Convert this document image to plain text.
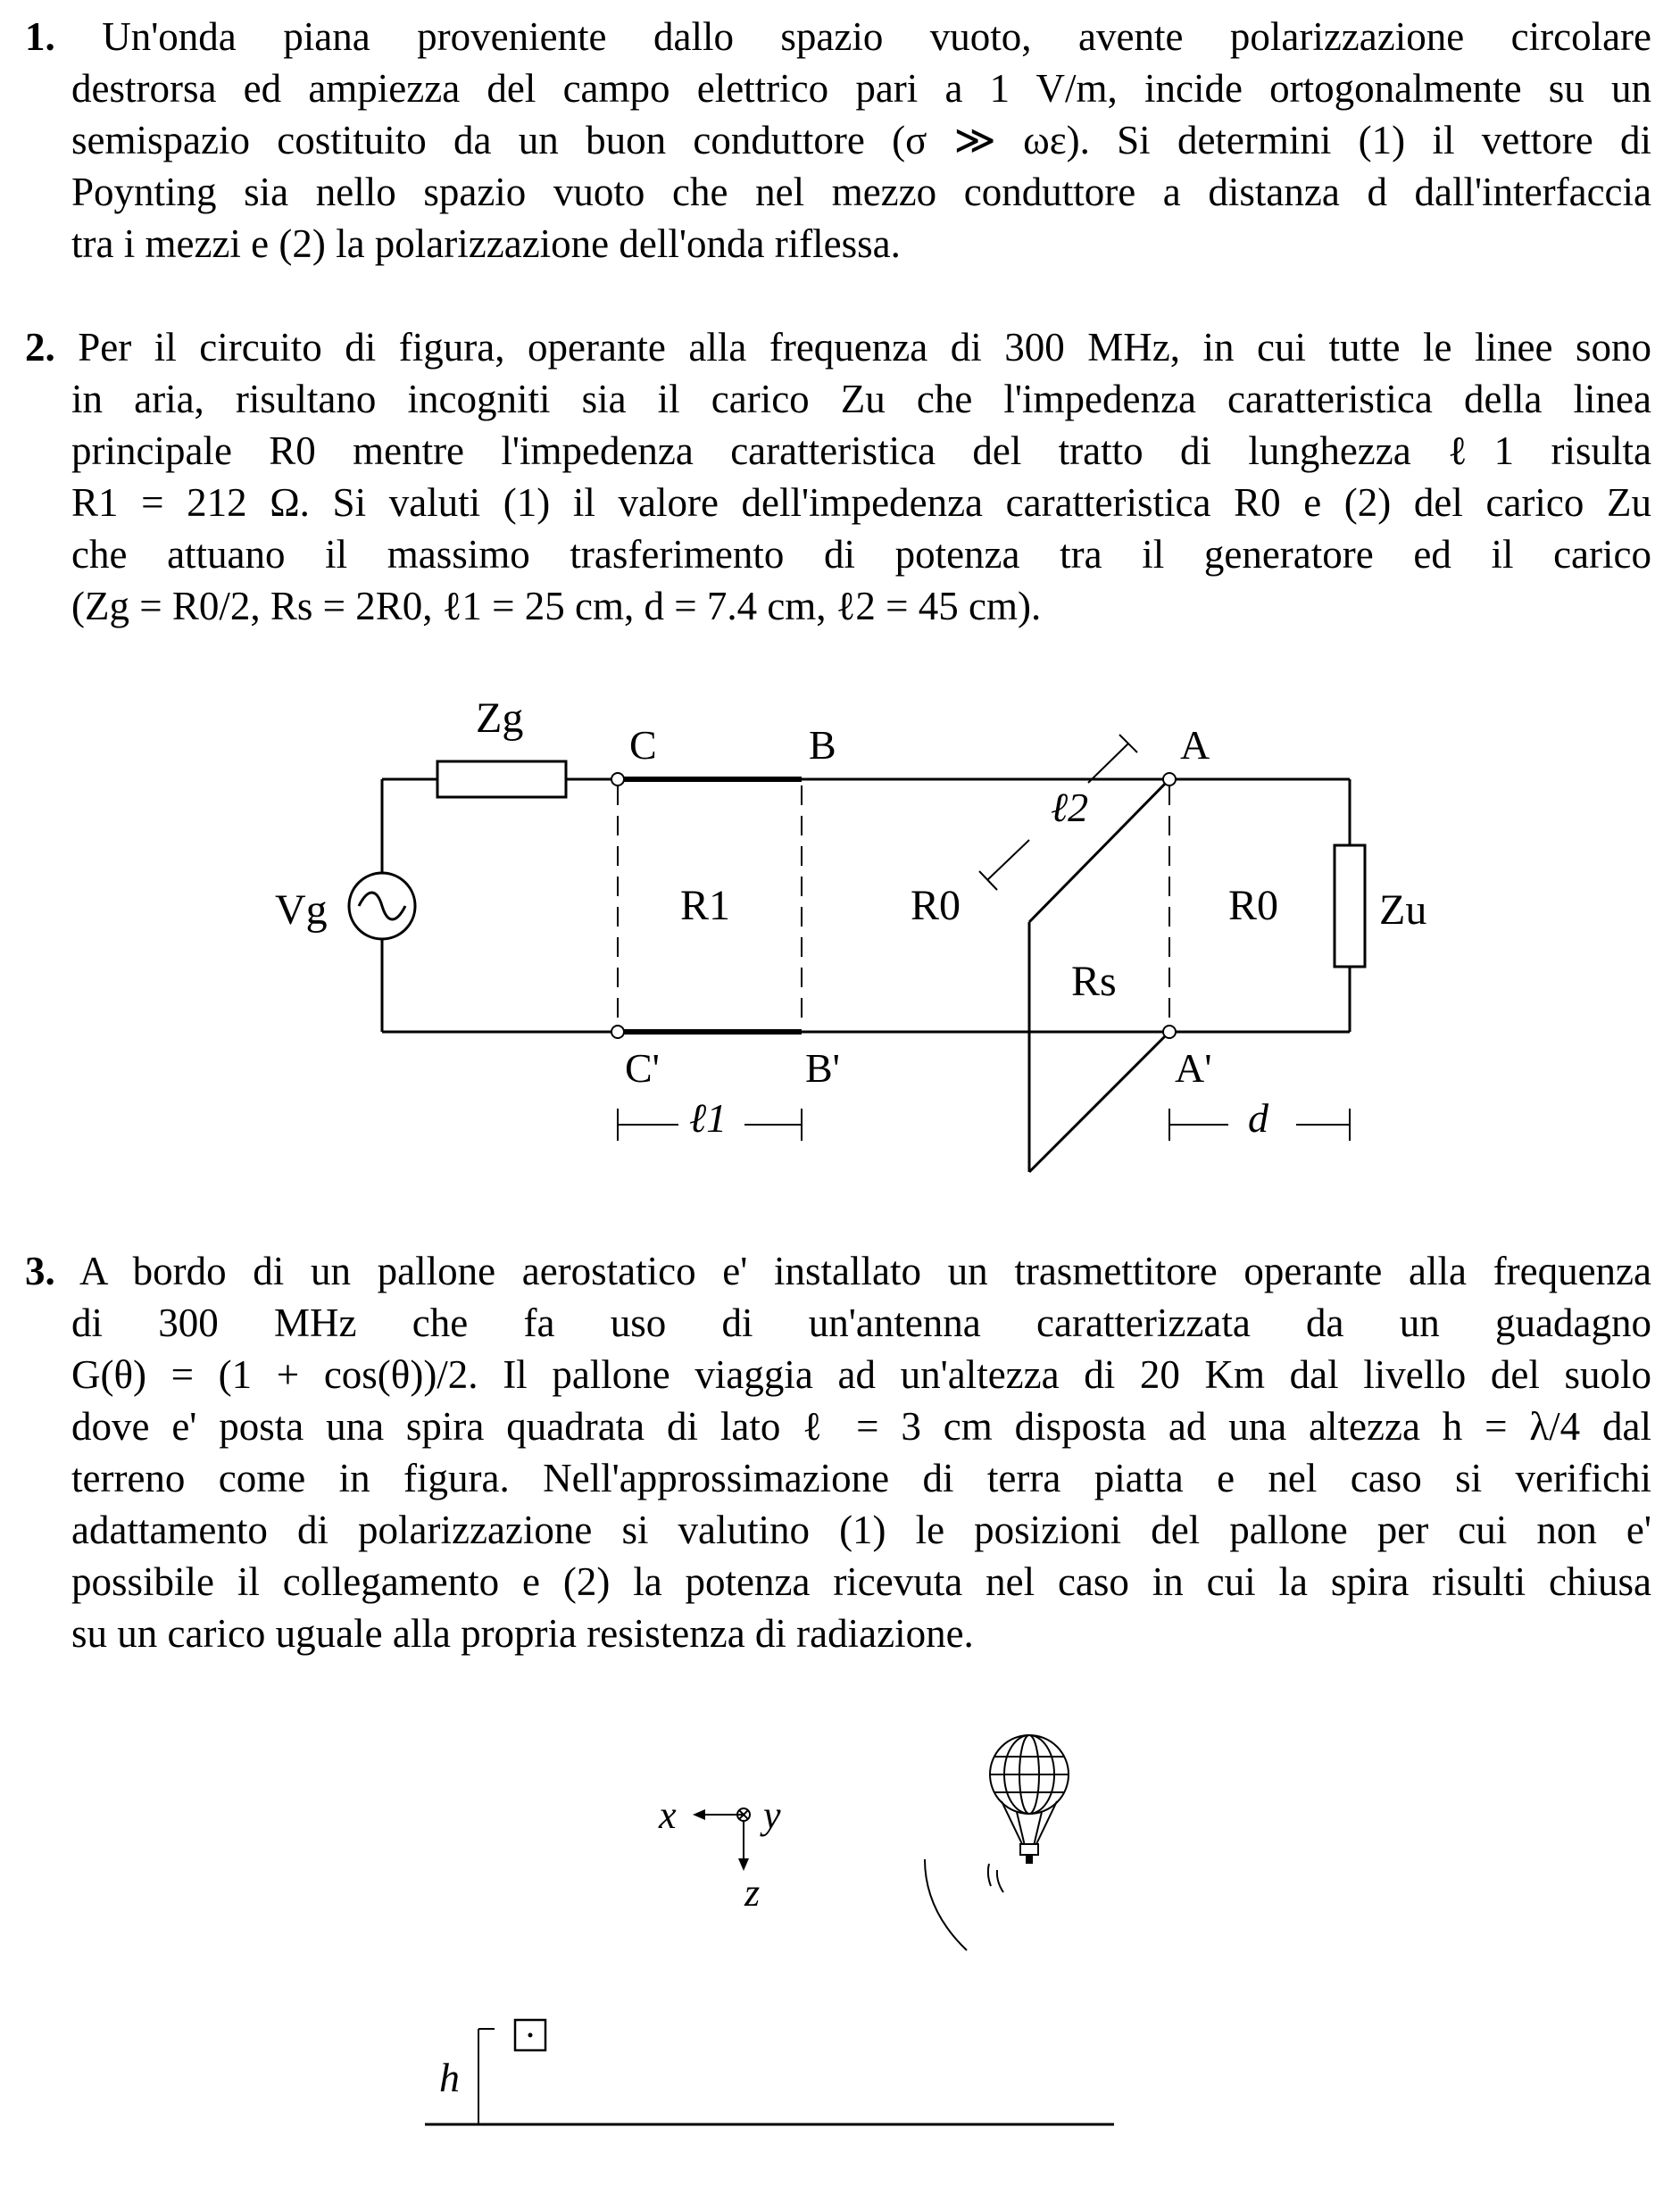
1. Un'onda piana proveniente dallo spazio vuoto, avente polarizzazione circolare
destrorsa ed ampiezza del campo elettrico pari a 1 V/m, incide ortogonalmente su un
semispazio costituito da un buon conduttore (σ ≫ ωε). Si determini (1) il vettore di
Poynting sia nello spazio vuoto che nel mezzo conduttore a distanza d dall'interfaccia
tra i mezzi e (2) la polarizzazione dell'onda riflessa.
2. Per il circuito di figura, operante alla frequenza di 300 MHz, in cui tutte le linee sono
in aria, risultano incogniti sia il carico Zu che l'impedenza caratteristica della linea
principale R0 mentre l'impedenza caratteristica del tratto di lunghezza ℓ1 risulta
R1 = 212 Ω. Si valuti (1) il valore dell'impedenza caratteristica R0 e (2) del carico Zu
che attuano il massimo trasferimento di potenza tra il generatore ed il carico
(Zg = R0/2, Rs = 2R0, ℓ1 = 25 cm, d = 7.4 cm, ℓ2 = 45 cm).
3. A bordo di un pallone aerostatico e' installato un trasmettitore operante alla frequenza
di 300 MHz che fa uso di un'antenna caratterizzata da un guadagno
G(θ) = (1 + cos(θ))/2. Il pallone viaggia ad un'altezza di 20 Km dal livello del suolo
dove e' posta una spira quadrata di lato ℓ = 3 cm disposta ad una altezza h = λ/4 dal
terreno come in figura. Nell'approssimazione di terra piatta e nel caso si verifichi
adattamento di polarizzazione si valutino (1) le posizioni del pallone per cui non e'
possibile il collegamento e (2) la potenza ricevuta nel caso in cui la spira risulti chiusa
su un carico uguale alla propria resistenza di radiazione.
Zg
Vg
C	B	A
C'	B'	A'
R1	R0	R0
Rs
Zu
ℓ2
ℓ1	d
x y
z
h
